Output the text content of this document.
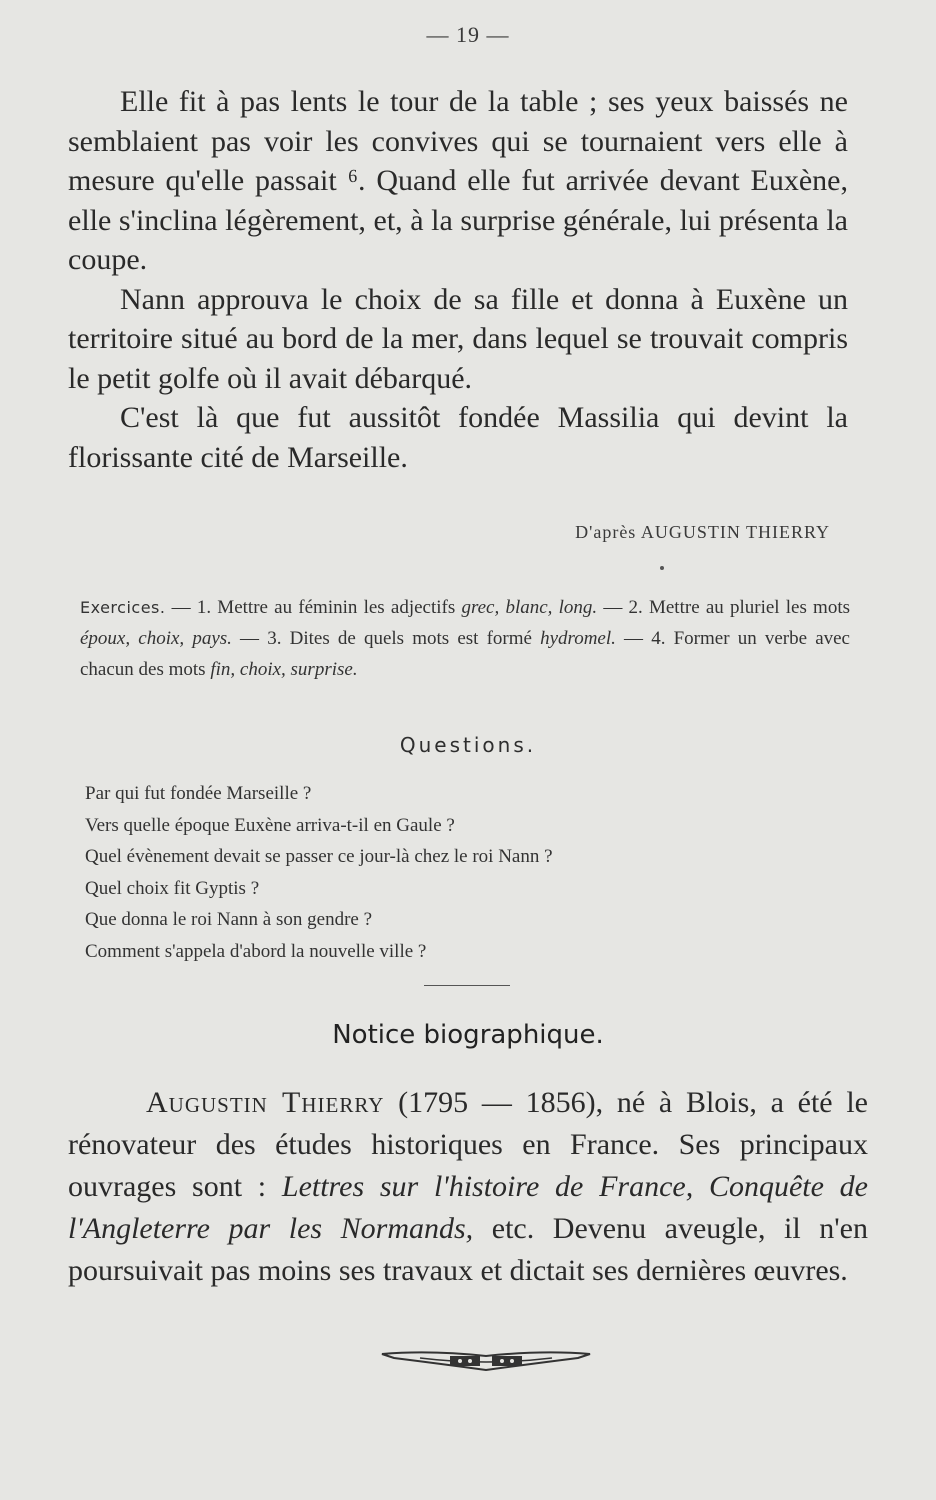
— 19 —

Elle fit à pas lents le tour de la table ; ses yeux baissés ne semblaient pas voir les convives qui se tournaient vers elle à mesure qu'elle passait ⁶. Quand elle fut arrivée devant Euxène, elle s'inclina légèrement, et, à la surprise générale, lui présenta la coupe.

Nann approuva le choix de sa fille et donna à Euxène un territoire situé au bord de la mer, dans lequel se trouvait compris le petit golfe où il avait débarqué.

C'est là que fut aussitôt fondée Massilia qui devint la florissante cité de Marseille.

D'après AUGUSTIN THIERRY
Exercices. — 1. Mettre au féminin les adjectifs grec, blanc, long. — 2. Mettre au pluriel les mots époux, choix, pays. — 3. Dites de quels mots est formé hydromel. — 4. Former un verbe avec chacun des mots fin, choix, surprise.
Questions.
Par qui fut fondée Marseille ?
Vers quelle époque Euxène arriva-t-il en Gaule ?
Quel évènement devait se passer ce jour-là chez le roi Nann ?
Quel choix fit Gyptis ?
Que donna le roi Nann à son gendre ?
Comment s'appela d'abord la nouvelle ville ?
Notice biographique.

Augustin Thierry (1795 — 1856), né à Blois, a été le rénovateur des études historiques en France. Ses principaux ouvrages sont : Lettres sur l'histoire de France, Conquête de l'Angleterre par les Normands, etc. Devenu aveugle, il n'en poursuivait pas moins ses travaux et dictait ses dernières œuvres.
